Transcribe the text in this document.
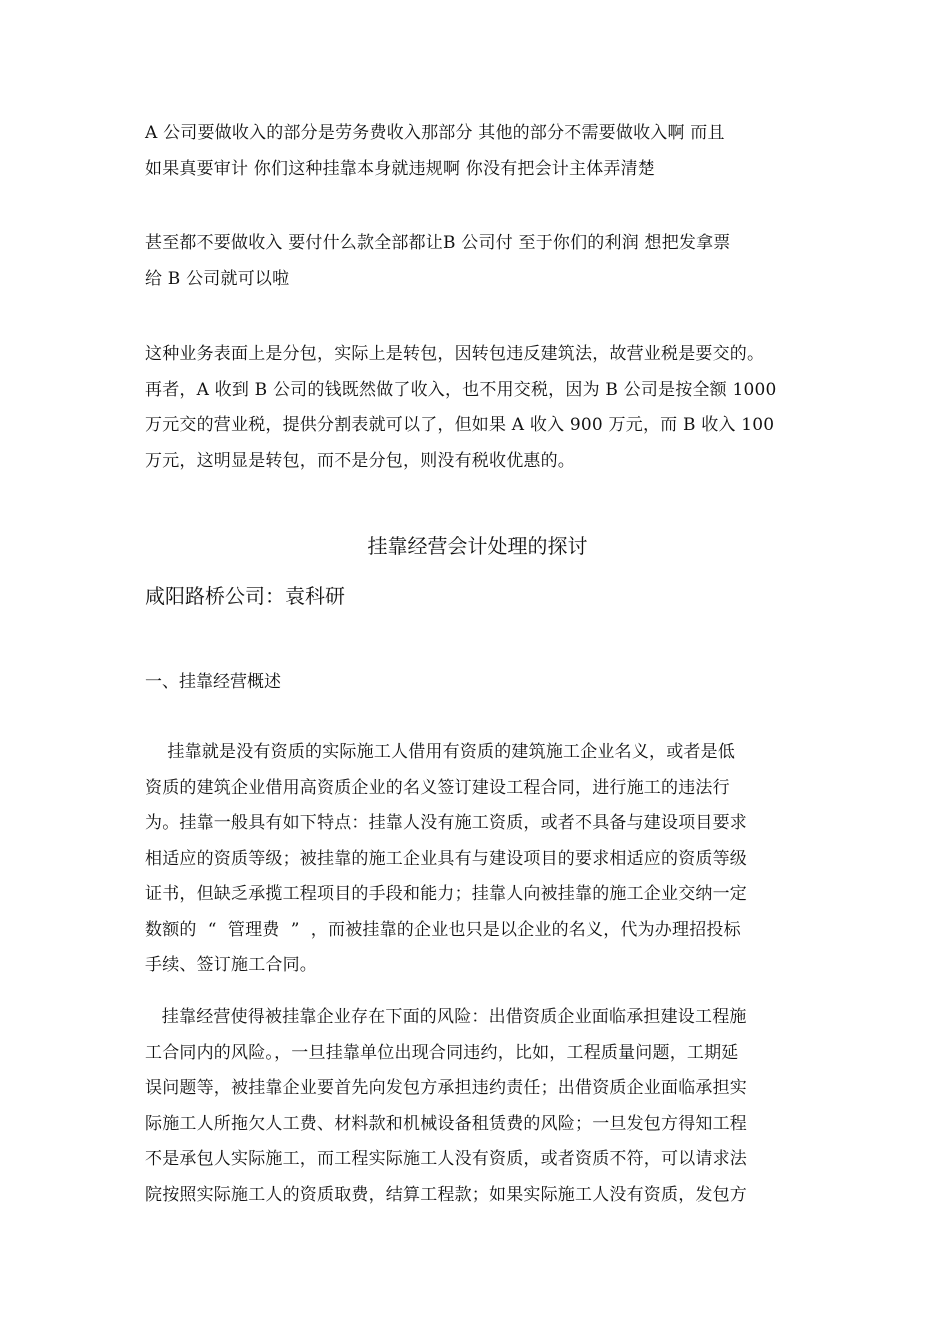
A 公司要做收入的部分是劳务费收入那部分 其他的部分不需要做收入啊 而且
如果真要审计 你们这种挂靠本身就违规啊 你没有把会计主体弄清楚
甚至都不要做收入 要付什么款全部都让B 公司付 至于你们的利润 想把发拿票
给 B 公司就可以啦
这种业务表面上是分包，实际上是转包，因转包违反建筑法，故营业税是要交的。
再者，A 收到 B 公司的钱既然做了收入，也不用交税，因为 B 公司是按全额 1000
万元交的营业税，提供分割表就可以了，但如果 A 收入 900 万元，而 B 收入 100
万元，这明显是转包，而不是分包，则没有税收优惠的。
挂靠经营会计处理的探讨
咸阳路桥公司：袁科研
一、挂靠经营概述
挂靠就是没有资质的实际施工人借用有资质的建筑施工企业名义，或者是低
资质的建筑企业借用高资质企业的名义签订建设工程合同，进行施工的违法行
为。挂靠一般具有如下特点：挂靠人没有施工资质，或者不具备与建设项目要求
相适应的资质等级；被挂靠的施工企业具有与建设项目的要求相适应的资质等级
证书，但缺乏承揽工程项目的手段和能力；挂靠人向被挂靠的施工企业交纳一定
数额的  “  管理费  ”  ，而被挂靠的企业也只是以企业的名义，代为办理招投标
手续、签订施工合同。
挂靠经营使得被挂靠企业存在下面的风险：出借资质企业面临承担建设工程施
工合同内的风险。，一旦挂靠单位出现合同违约，比如，工程质量问题，工期延
误问题等，被挂靠企业要首先向发包方承担违约责任；出借资质企业面临承担实
际施工人所拖欠人工费、材料款和机械设备租赁费的风险；一旦发包方得知工程
不是承包人实际施工，而工程实际施工人没有资质，或者资质不符，可以请求法
院按照实际施工人的资质取费，结算工程款；如果实际施工人没有资质，发包方
